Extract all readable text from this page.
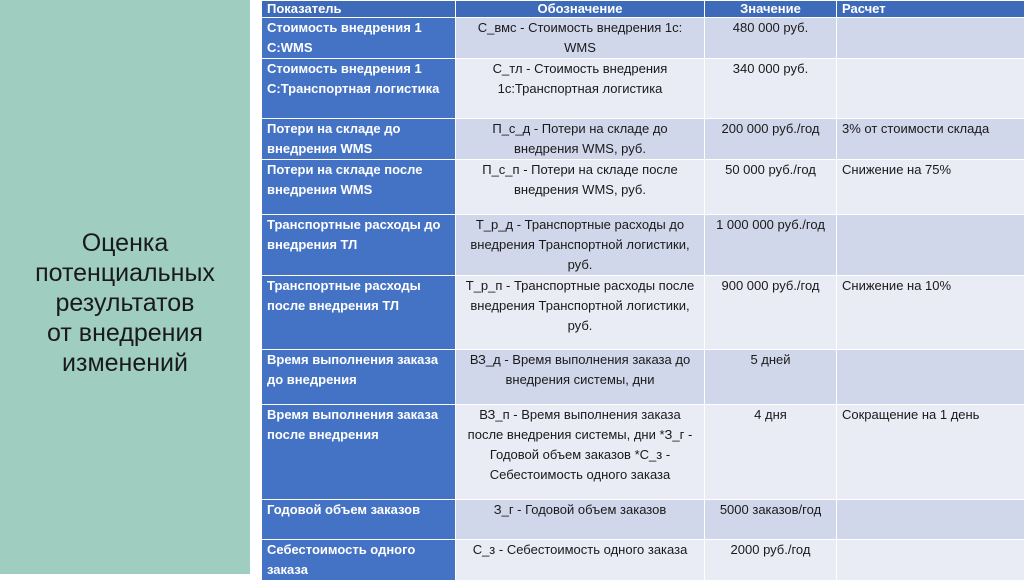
Оценка
потенциальных
результатов
от внедрения
изменений
Показатель	Обозначение	Значение	Расчет
Стоимость внедрения 1 С:WMS	С_вмс - Стоимость внедрения 1с: WMS	480 000 руб.	
Стоимость внедрения 1 С:Транспортная логистика	С_тл - Стоимость внедрения 1с:Транспортная логистика	340 000 руб.	
Потери на складе до внедрения WMS	П_с_д - Потери на складе до внедрения WMS, руб.	200 000 руб./год	3% от стоимости склада
Потери на складе после внедрения WMS	П_с_п - Потери на складе после внедрения WMS, руб.	50 000 руб./год	Снижение на 75%
Транспортные расходы до внедрения ТЛ	Т_р_д - Транспортные расходы до внедрения Транспортной логистики, руб.	1 000 000 руб./год	
Транспортные расходы после внедрения ТЛ	Т_р_п - Транспортные расходы после внедрения Транспортной логистики, руб.	900 000 руб./год	Снижение на 10%
Время выполнения заказа до внедрения	ВЗ_д - Время выполнения заказа до внедрения системы, дни	5 дней	
Время выполнения заказа после внедрения	ВЗ_п - Время выполнения заказа после внедрения системы, дни *З_г - Годовой объем заказов *С_з - Себестоимость одного заказа	4 дня	Сокращение на 1 день
Годовой объем заказов	З_г - Годовой объем заказов	5000 заказов/год	
Себестоимость одного заказа	С_з - Себестоимость одного заказа	2000 руб./год	
